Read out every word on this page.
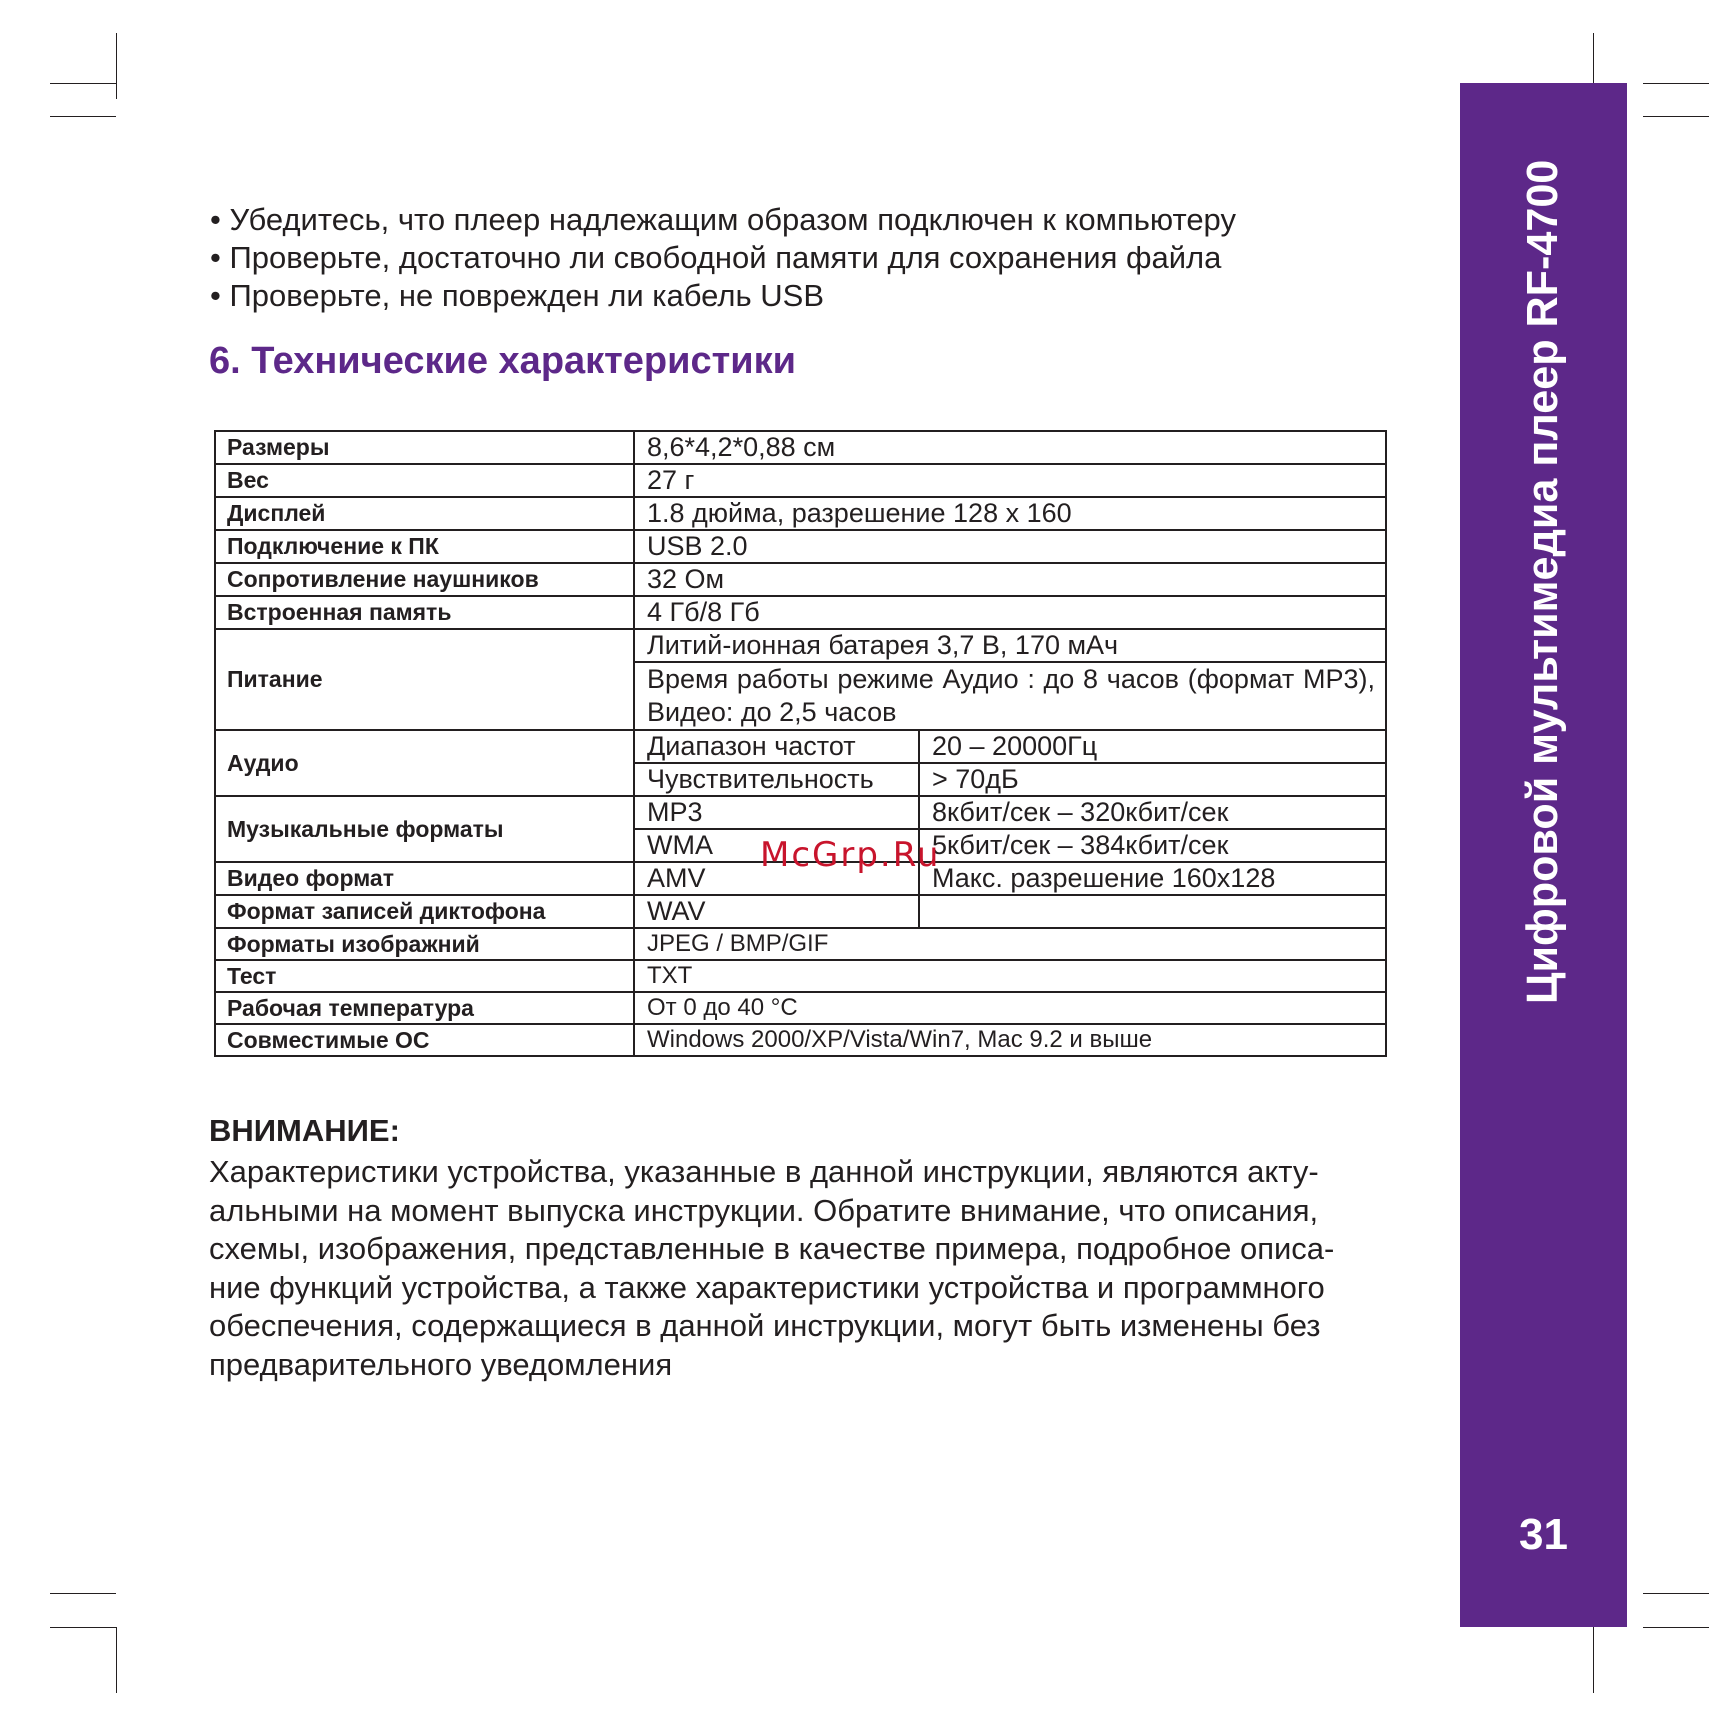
Цифровой мультимедиа плеер RF-4700
31
• Убедитесь, что плеер надлежащим образом подключен к компьютеру
• Проверьте, достаточно ли свободной памяти для сохранения файла
• Проверьте, не поврежден ли кабель USB
6. Технические характеристики
Размеры	8,6*4,2*0,88 см	
Вес	27 г	
Дисплей	1.8 дюйма, разрешение 128 x 160	
Подключение к ПК	USB 2.0	
Сопротивление наушников	32 Ом	
Встроенная память	4 Гб/8 Гб	
Питание	Литий-ионная батарея 3,7 В, 170 мАч	
	Время работы режиме Аудио : до 8 часов (формат MP3), Видео: до 2,5 часов	
Аудио	Диапазон частот	20 – 20000Гц
	Чувствительность	> 70дБ
Музыкальные форматы	MP3	8кбит/сек – 320кбит/сек
	WMA	5кбит/сек – 384кбит/сек
Видео формат	AMV	Макс. разрешение 160x128
Формат записей диктофона	WAV	
Форматы изображний	JPEG / BMP/GIF	
Тест	TXT	
Рабочая температура	От 0 до 40 °C	
Совместимые ОС	Windows 2000/XP/Vista/Win7, Mac 9.2 и выше	
McGrp.Ru
ВНИМАНИЕ:

Характеристики устройства, указанные в данной инструкции, являются акту-
альными на момент выпуска инструкции. Обратите внимание, что описания,
схемы, изображения, представленные в качестве примера, подробное описа-
ние функций устройства, а также характеристики устройства и программного
обеспечения, содержащиеся в данной инструкции, могут быть изменены без
предварительного уведомления
